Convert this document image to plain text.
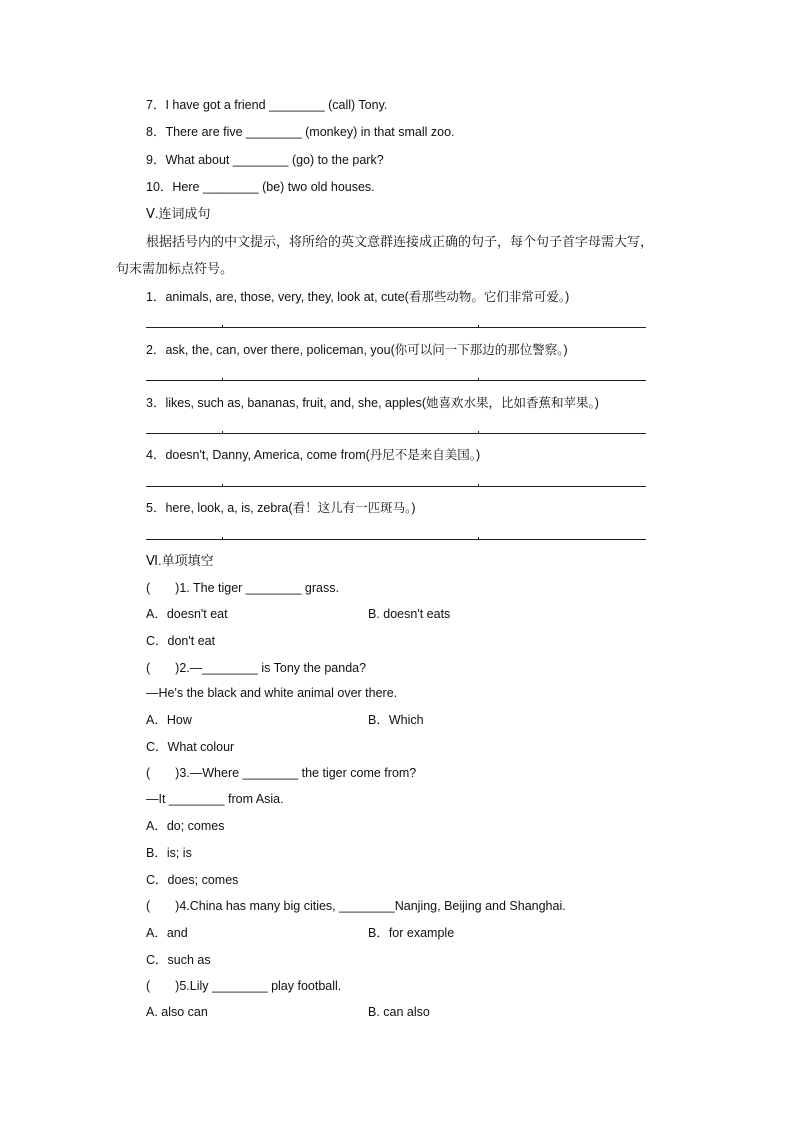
7．I have got a friend ________ (call) Tony.
8．There are five ________ (monkey) in that small zoo.
9．What about ________ (go) to the park?
10．Here ________ (be) two old houses.
Ⅴ.连词成句
根据括号内的中文提示，将所给的英文意群连接成正确的句子，每个句子首字母需大写，
句末需加标点符号。
1．animals, are, those, very, they, look at, cute(看那些动物。它们非常可爱。)
2．ask, the, can, over there, policeman, you(你可以问一下那边的那位警察。)
3．likes, such as, bananas, fruit, and, she, apples(她喜欢水果，比如香蕉和苹果。)
4．doesn't, Danny, America, come from(丹尼不是来自美国。)
5．here, look, a, is, zebra(看！这儿有一匹斑马。)
Ⅵ.单项填空
(　　)1. The tiger ________ grass.
A．doesn't eat	B. doesn't eats
C．don't eat
(　　)2.—________ is Tony the panda?
—He's the black and white animal over there.
A．How	B．Which
C．What colour
(　　)3.—Where ________ the tiger come from?
—It ________ from Asia.
A．do; comes
B．is; is
C．does; comes
(　　)4.China has many big cities, ________Nanjing, Beijing and Shanghai.
A．and	B．for example
C．such as
(　　)5.Lily ________ play football.
A. also can	B. can also
